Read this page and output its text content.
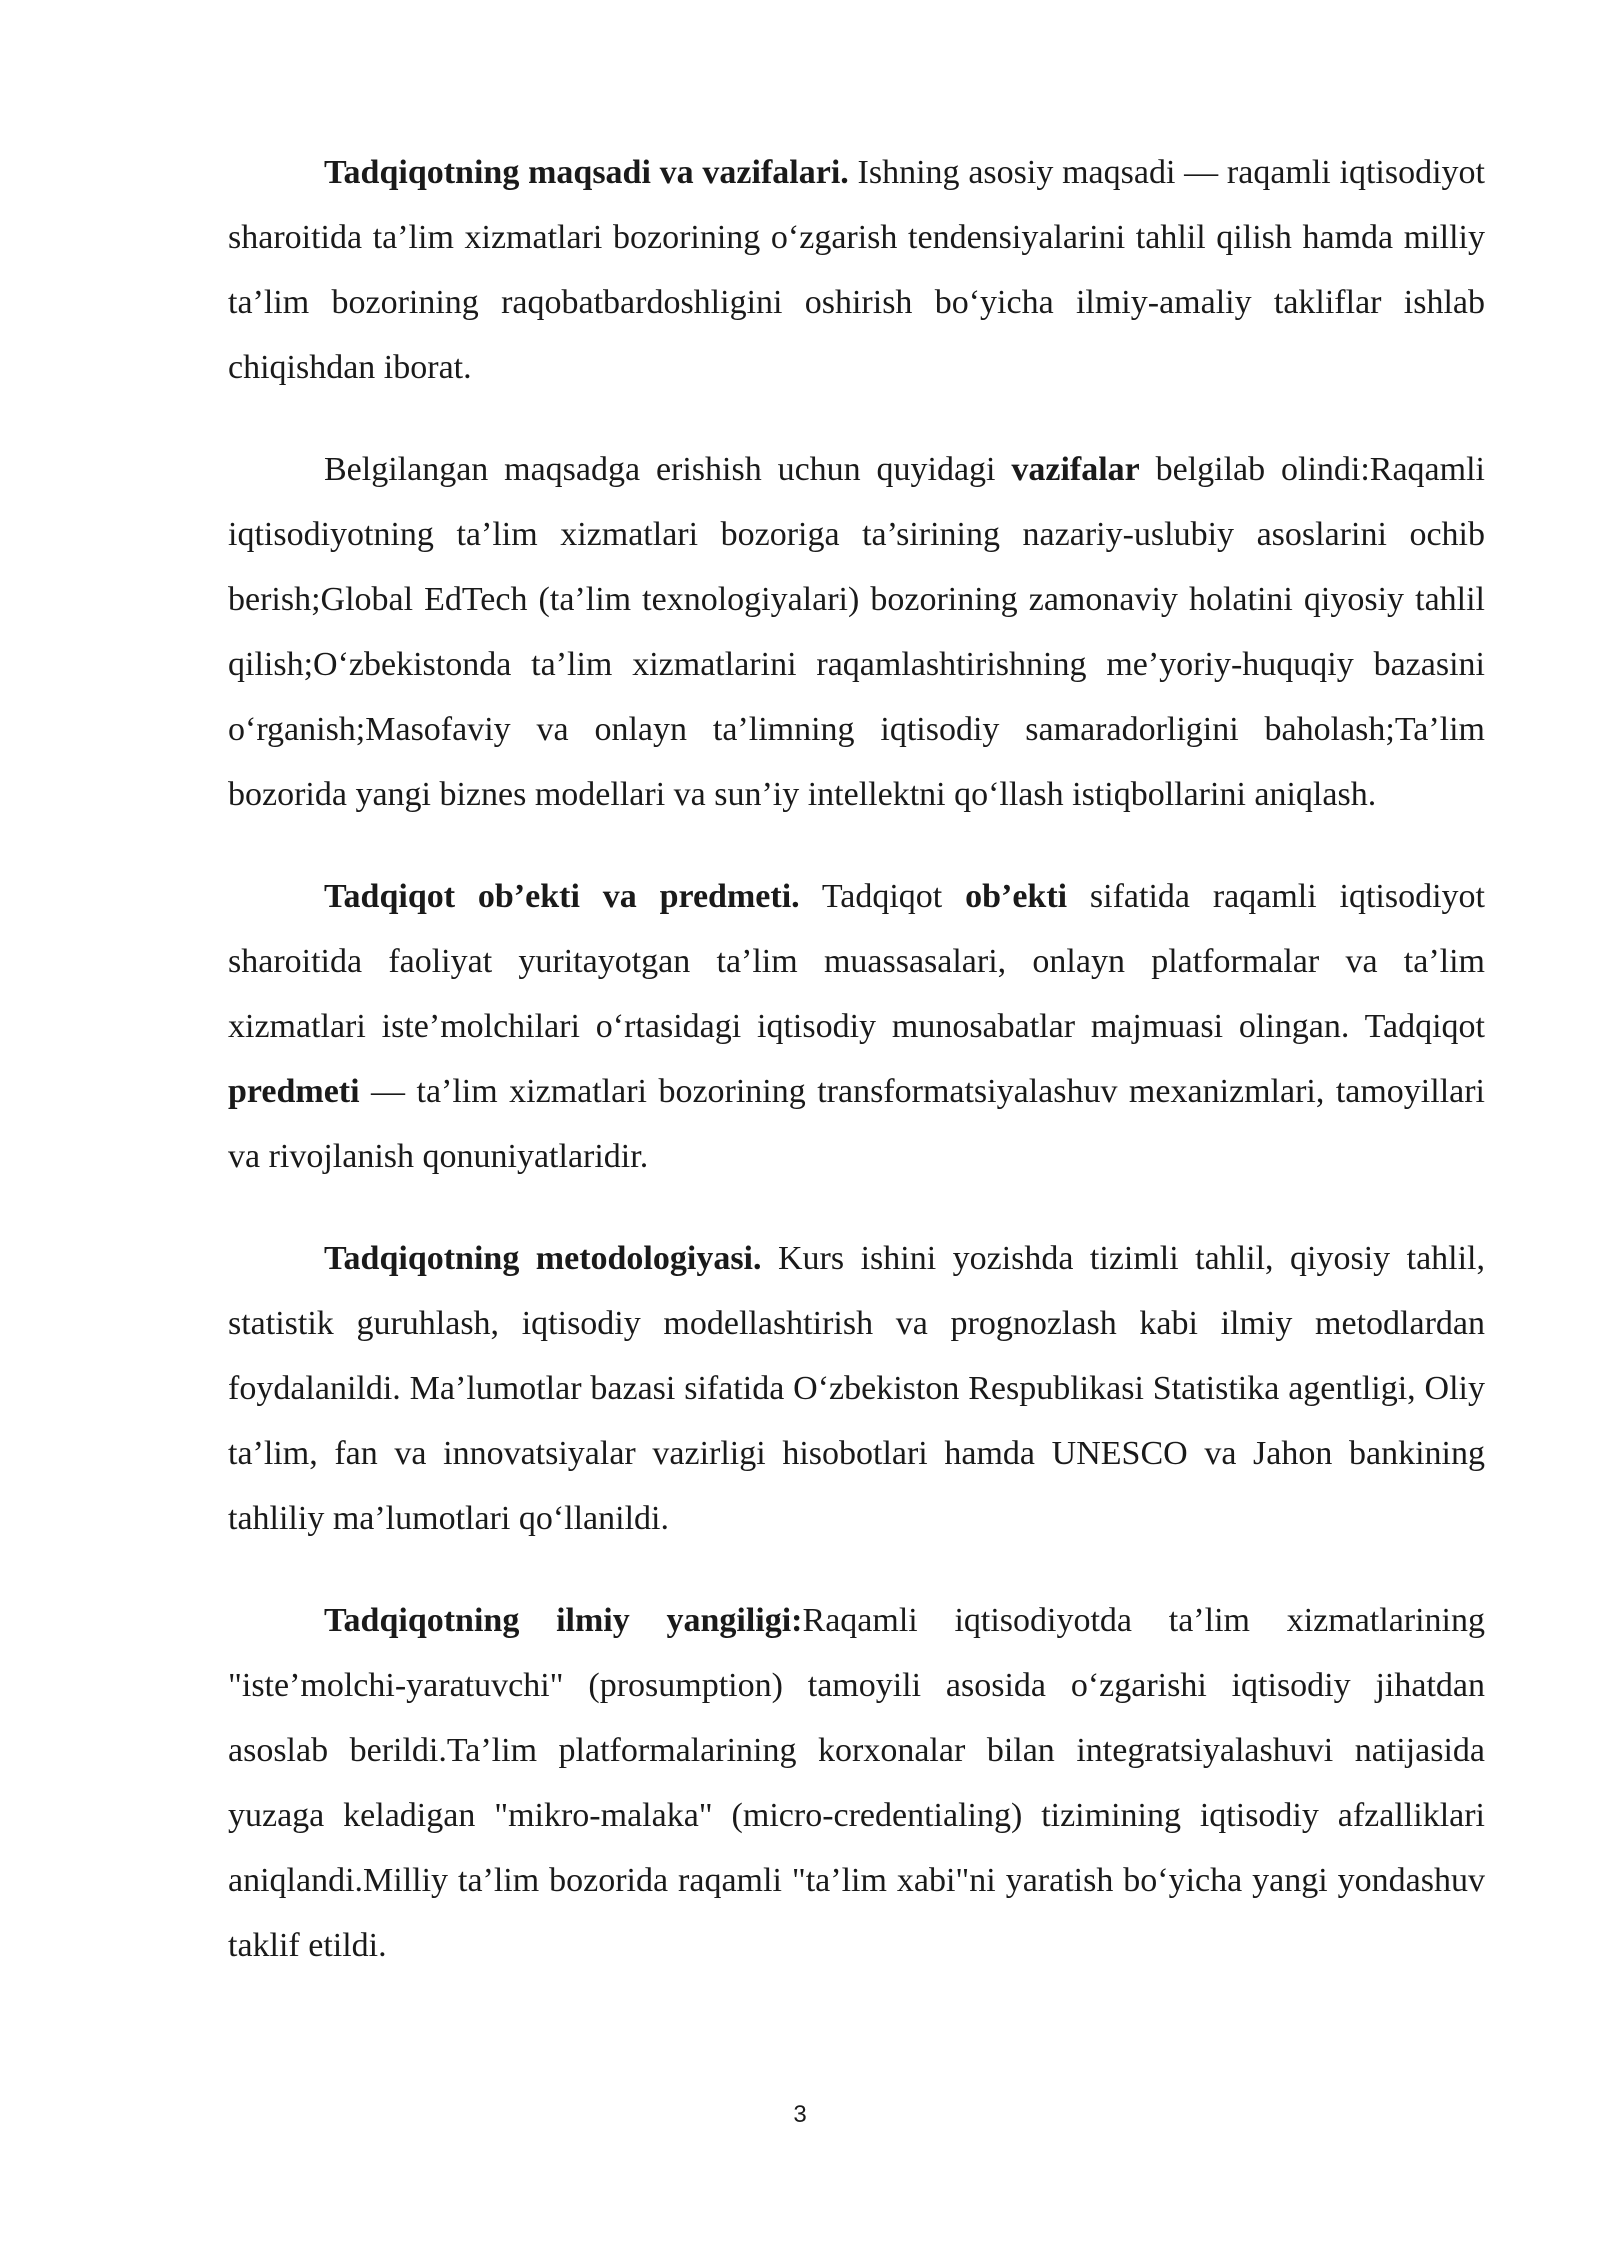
Tadqiqotning maqsadi va vazifalari. Ishning asosiy maqsadi — raqamli iqtisodiyot sharoitida ta’lim xizmatlari bozorining o‘zgarish tendensiyalarini tahlil qilish hamda milliy ta’lim bozorining raqobatbardoshligini oshirish bo‘yicha ilmiy-amaliy takliflar ishlab chiqishdan iborat.

Belgilangan maqsadga erishish uchun quyidagi vazifalar belgilab olindi:Raqamli iqtisodiyotning ta’lim xizmatlari bozoriga ta’sirining nazariy-uslubiy asoslarini ochib berish;Global EdTech (ta’lim texnologiyalari) bozorining zamonaviy holatini qiyosiy tahlil qilish;O‘zbekistonda ta’lim xizmatlarini raqamlashtirishning me’yoriy-huquqiy bazasini o‘rganish;Masofaviy va onlayn ta’limning iqtisodiy samaradorligini baholash;Ta’lim bozorida yangi biznes modellari va sun’iy intellektni qo‘llash istiqbollarini aniqlash.

Tadqiqot ob’ekti va predmeti. Tadqiqot ob’ekti sifatida raqamli iqtisodiyot sharoitida faoliyat yuritayotgan ta’lim muassasalari, onlayn platformalar va ta’lim xizmatlari iste’molchilari o‘rtasidagi iqtisodiy munosabatlar majmuasi olingan. Tadqiqot predmeti — ta’lim xizmatlari bozorining transformatsiyalashuv mexanizmlari, tamoyillari va rivojlanish qonuniyatlaridir.

Tadqiqotning metodologiyasi. Kurs ishini yozishda tizimli tahlil, qiyosiy tahlil, statistik guruhlash, iqtisodiy modellashtirish va prognozlash kabi ilmiy metodlardan foydalanildi. Ma’lumotlar bazasi sifatida O‘zbekiston Respublikasi Statistika agentligi, Oliy ta’lim, fan va innovatsiyalar vazirligi hisobotlari hamda UNESCO va Jahon bankining tahliliy ma’lumotlari qo‘llanildi.

Tadqiqotning ilmiy yangiligi:Raqamli iqtisodiyotda ta’lim xizmatlarining "iste’molchi-yaratuvchi" (prosumption) tamoyili asosida o‘zgarishi iqtisodiy jihatdan asoslab berildi.Ta’lim platformalarining korxonalar bilan integratsiyalashuvi natijasida yuzaga keladigan "mikro-malaka" (micro-credentialing) tizimining iqtisodiy afzalliklari aniqlandi.Milliy ta’lim bozorida raqamli "ta’lim xabi"ni yaratish bo‘yicha yangi yondashuv taklif etildi.

3
